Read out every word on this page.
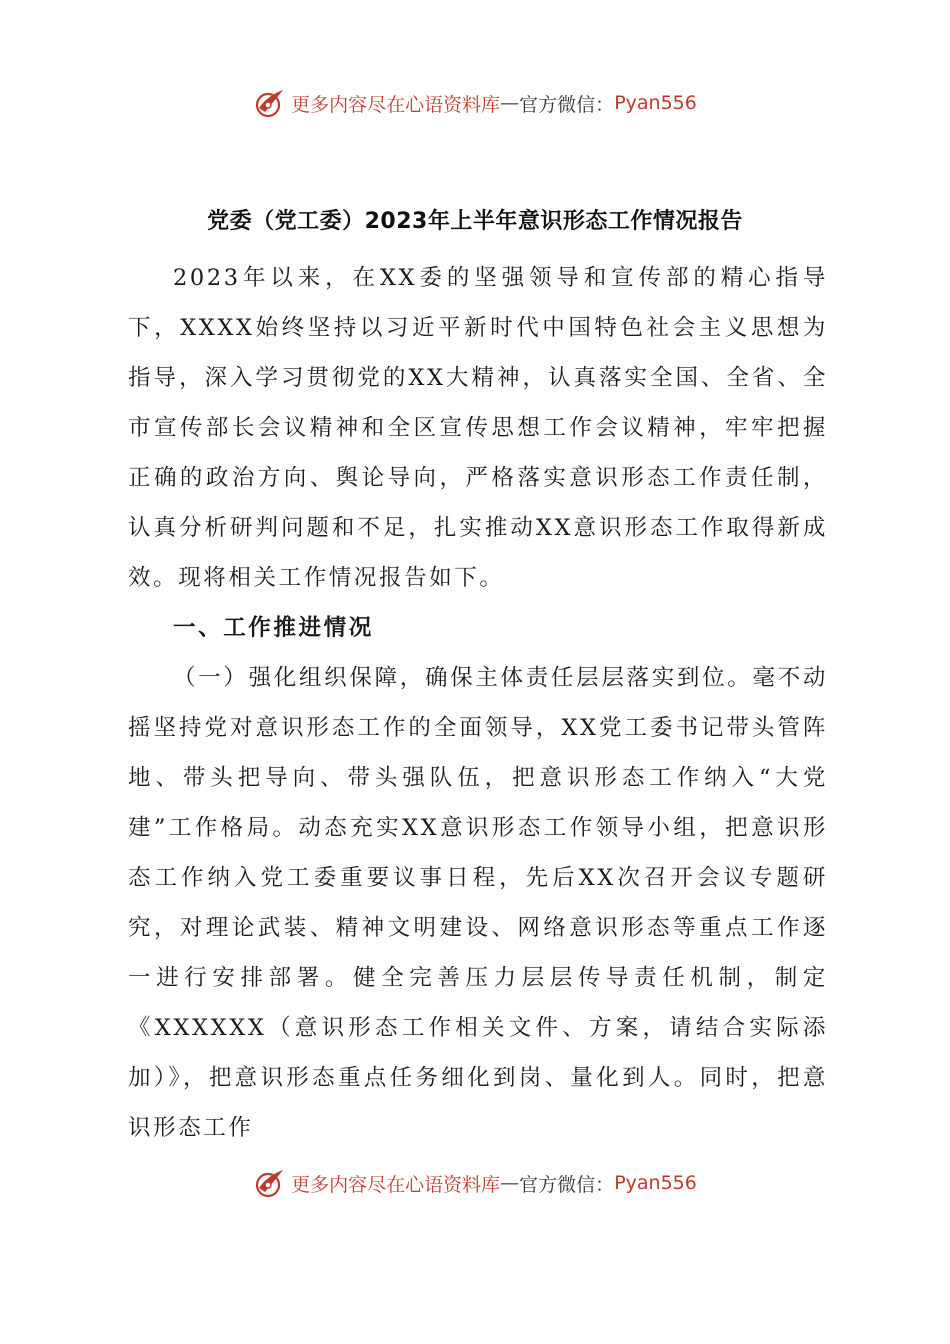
更多内容尽在心语资料库 — 官方微信： Pyan556
党委（党工委）2023年上半年意识形态工作情况报告

2023年以来，在XX委的坚强领导和宣传部的精心指导下，XXXX始终坚持以习近平新时代中国特色社会主义思想为指导，深入学习贯彻党的XX大精神，认真落实全国、全省、全市宣传部长会议精神和全区宣传思想工作会议精神，牢牢把握正确的政治方向、舆论导向，严格落实意识形态工作责任制，认真分析研判问题和不足，扎实推动XX意识形态工作取得新成效。现将相关工作情况报告如下。

一、工作推进情况

（一）强化组织保障，确保主体责任层层落实到位。毫不动摇坚持党对意识形态工作的全面领导，XX党工委书记带头管阵地、带头把导向、带头强队伍，把意识形态工作纳入“大党建”工作格局。动态充实XX意识形态工作领导小组，把意识形态工作纳入党工委重要议事日程，先后XX次召开会议专题研究，对理论武装、精神文明建设、网络意识形态等重点工作逐一进行安排部署。健全完善压力层层传导责任机制，制定《XXXXXX（意识形态工作相关文件、方案，请结合实际添加）》，把意识形态重点任务细化到岗、量化到人。同时，把意识形态工作

更多内容尽在心语资料库 — 官方微信： Pyan556
